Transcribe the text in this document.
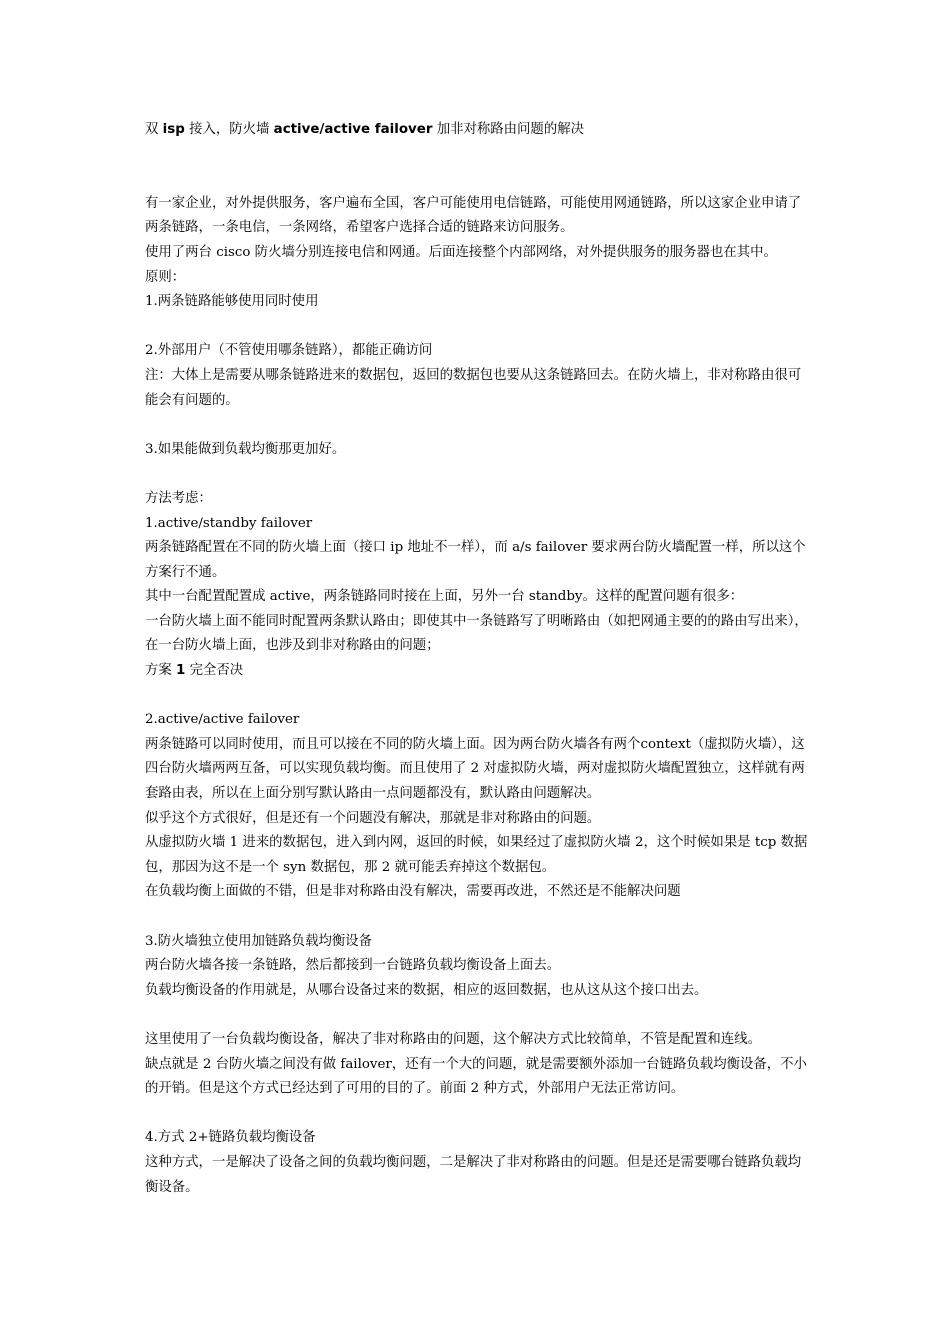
双 isp 接入，防火墙 active/active failover 加非对称路由问题的解决

有一家企业，对外提供服务，客户遍布全国，客户可能使用电信链路，可能使用网通链路，所以这家企业申请了两条链路，一条电信，一条网络，希望客户选择合适的链路来访问服务。

使用了两台 cisco 防火墙分别连接电信和网通。后面连接整个内部网络，对外提供服务的服务器也在其中。

原则：

1.两条链路能够使用同时使用

2.外部用户（不管使用哪条链路），都能正确访问

注：大体上是需要从哪条链路进来的数据包，返回的数据包也要从这条链路回去。在防火墙上，非对称路由很可能会有问题的。

3.如果能做到负载均衡那更加好。

方法考虑：

1.active/standby failover

两条链路配置在不同的防火墙上面（接口 ip 地址不一样），而 a/s failover 要求两台防火墙配置一样，所以这个方案行不通。

其中一台配置配置成 active，两条链路同时接在上面，另外一台 standby。这样的配置问题有很多：

一台防火墙上面不能同时配置两条默认路由；即使其中一条链路写了明晰路由（如把网通主要的的路由写出来），在一台防火墙上面，也涉及到非对称路由的问题；

方案 1 完全否决

2.active/active failover

两条链路可以同时使用，而且可以接在不同的防火墙上面。因为两台防火墙各有两个context（虚拟防火墙），这四台防火墙两两互备，可以实现负载均衡。而且使用了 2 对虚拟防火墙，两对虚拟防火墙配置独立，这样就有两套路由表，所以在上面分别写默认路由一点问题都没有，默认路由问题解决。

似乎这个方式很好，但是还有一个问题没有解决，那就是非对称路由的问题。

从虚拟防火墙 1 进来的数据包，进入到内网，返回的时候，如果经过了虚拟防火墙 2，这个时候如果是 tcp 数据包，那因为这不是一个 syn 数据包，那 2 就可能丢弃掉这个数据包。

在负载均衡上面做的不错，但是非对称路由没有解决，需要再改进，不然还是不能解决问题

3.防火墙独立使用加链路负载均衡设备

两台防火墙各接一条链路，然后都接到一台链路负载均衡设备上面去。

负载均衡设备的作用就是，从哪台设备过来的数据，相应的返回数据，也从这从这个接口出去。

这里使用了一台负载均衡设备，解决了非对称路由的问题，这个解决方式比较简单，不管是配置和连线。

缺点就是 2 台防火墙之间没有做 failover，还有一个大的问题，就是需要额外添加一台链路负载均衡设备，不小的开销。但是这个方式已经达到了可用的目的了。前面 2 种方式，外部用户无法正常访问。

4.方式 2+链路负载均衡设备

这种方式，一是解决了设备之间的负载均衡问题，二是解决了非对称路由的问题。但是还是需要哪台链路负载均衡设备。
